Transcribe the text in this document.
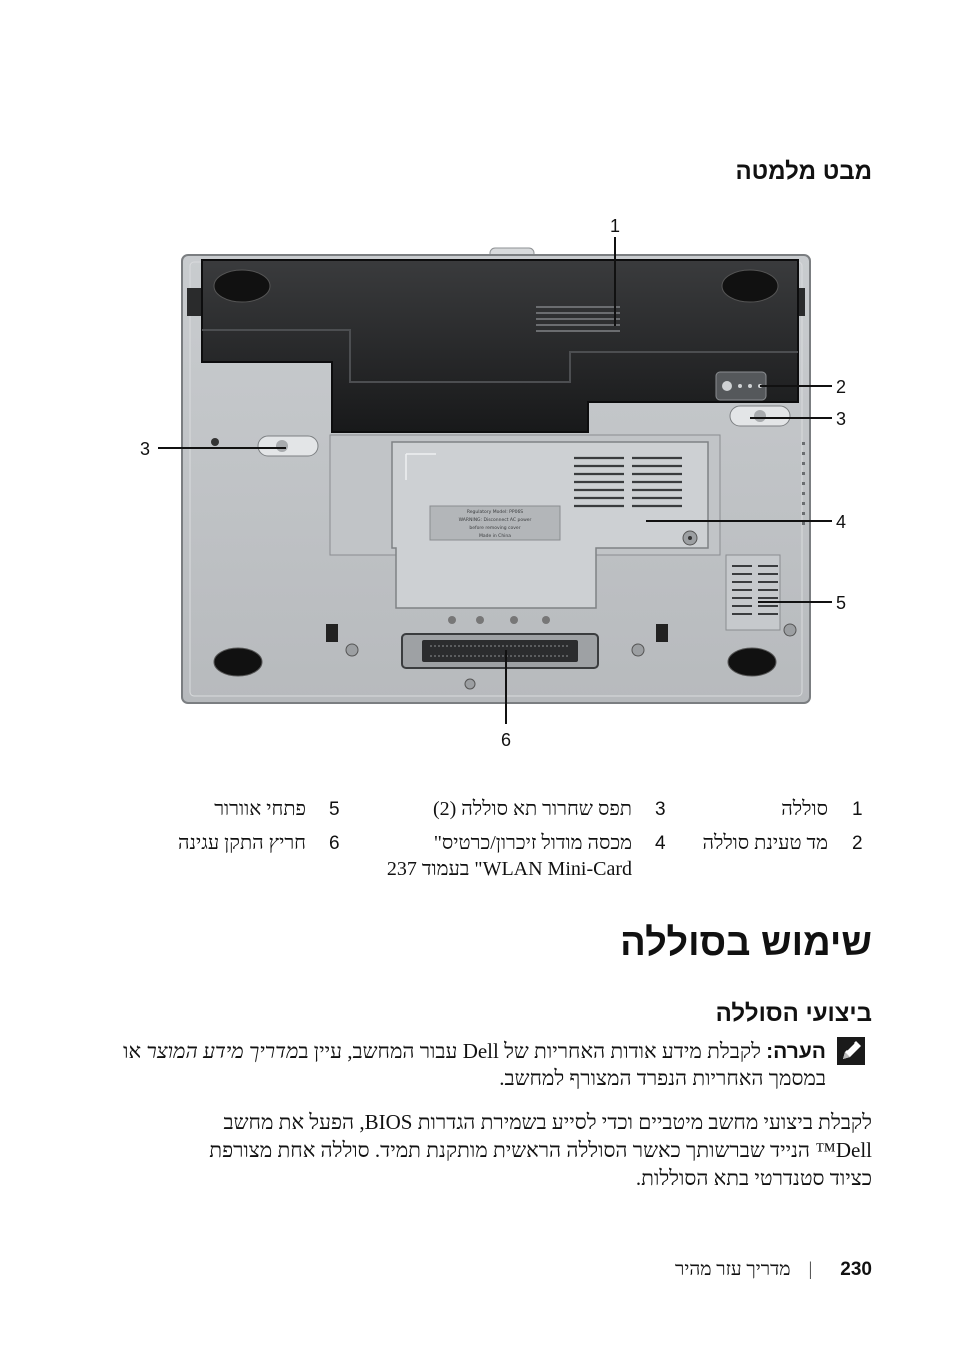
מבט מלמטה
Regulatory Model: PP06S
WARNING: Disconnect AC power
before removing cover
Made in China
1
2
3
3
4
5
6
1
סוללה
2
מד טעינת סוללה
3
תפס שחרור תא סוללה (2)
4
מכסה מודול זיכרון/כרטיס"
WLAN Mini-Card" בעמוד 237
5
פתחי אוורור
6
חריץ התקן עגינה
שימוש בסוללה
ביצועי הסוללה
הערה: לקבלת מידע אודות האחריות של Dell עבור המחשב, עיין במדריך מידע המוצר או במסמך האחריות הנפרד המצורף למחשב.
לקבלת ביצועי מחשב מיטביים וכדי לסייע בשמירת הגדרות BIOS, הפעל את מחשב Dell™ הנייד שברשותך כאשר הסוללה הראשית מותקנת תמיד. סוללה אחת מצורפת כציוד סטנדרטי בתא הסוללות.
230|מדריך עזר מהיר
